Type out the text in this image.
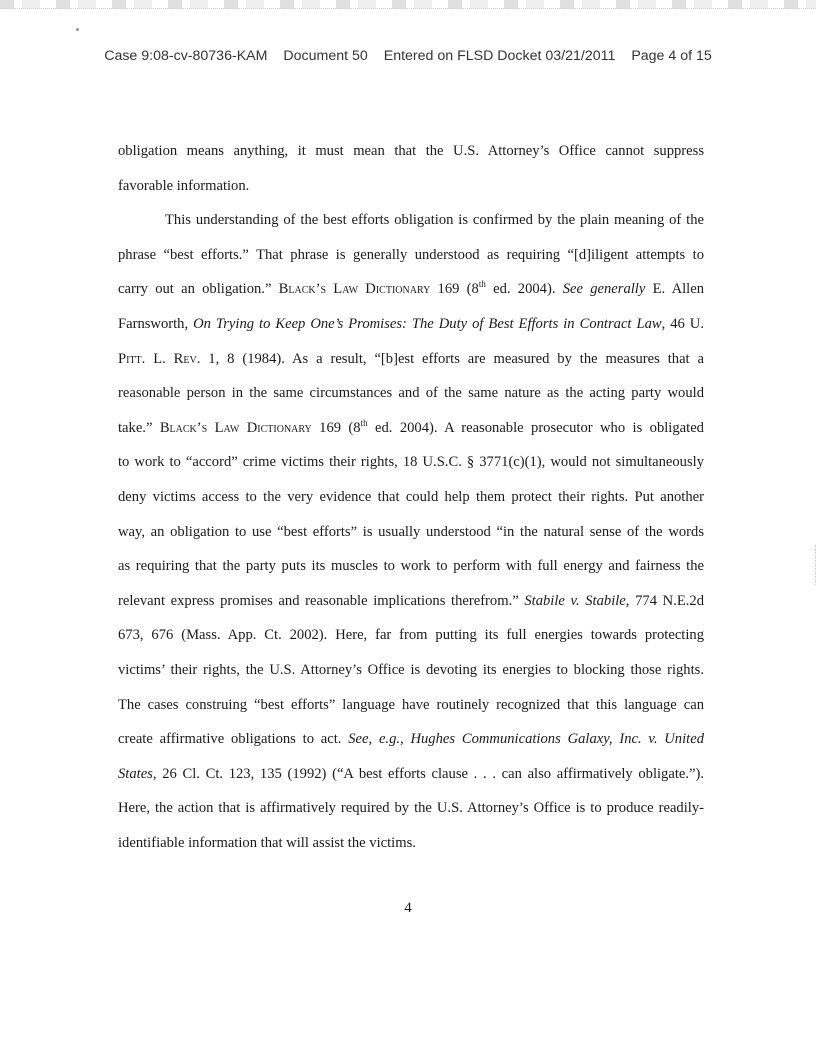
Case 9:08-cv-80736-KAM Document 50 Entered on FLSD Docket 03/21/2011 Page 4 of 15
obligation means anything, it must mean that the U.S. Attorney’s Office cannot suppress
favorable information.
This understanding of the best efforts obligation is confirmed by the plain meaning of the
phrase “best efforts.” That phrase is generally understood as requiring “[d]iligent attempts to
carry out an obligation.” Black’s Law Dictionary 169 (8th ed. 2004). See generally E. Allen
Farnsworth, On Trying to Keep One’s Promises: The Duty of Best Efforts in Contract Law, 46 U.
Pitt. L. Rev. 1, 8 (1984). As a result, “[b]est efforts are measured by the measures that a
reasonable person in the same circumstances and of the same nature as the acting party would
take.” Black’s Law Dictionary 169 (8th ed. 2004). A reasonable prosecutor who is obligated
to work to “accord” crime victims their rights, 18 U.S.C. § 3771(c)(1), would not simultaneously
deny victims access to the very evidence that could help them protect their rights. Put another
way, an obligation to use “best efforts” is usually understood “in the natural sense of the words
as requiring that the party puts its muscles to work to perform with full energy and fairness the
relevant express promises and reasonable implications therefrom.” Stabile v. Stabile, 774 N.E.2d
673, 676 (Mass. App. Ct. 2002). Here, far from putting its full energies towards protecting
victims’ their rights, the U.S. Attorney’s Office is devoting its energies to blocking those rights.
The cases construing “best efforts” language have routinely recognized that this language can
create affirmative obligations to act. See, e.g., Hughes Communications Galaxy, Inc. v. United
States, 26 Cl. Ct. 123, 135 (1992) (“A best efforts clause . . . can also affirmatively obligate.”).
Here, the action that is affirmatively required by the U.S. Attorney’s Office is to produce readily-
identifiable information that will assist the victims.
4
